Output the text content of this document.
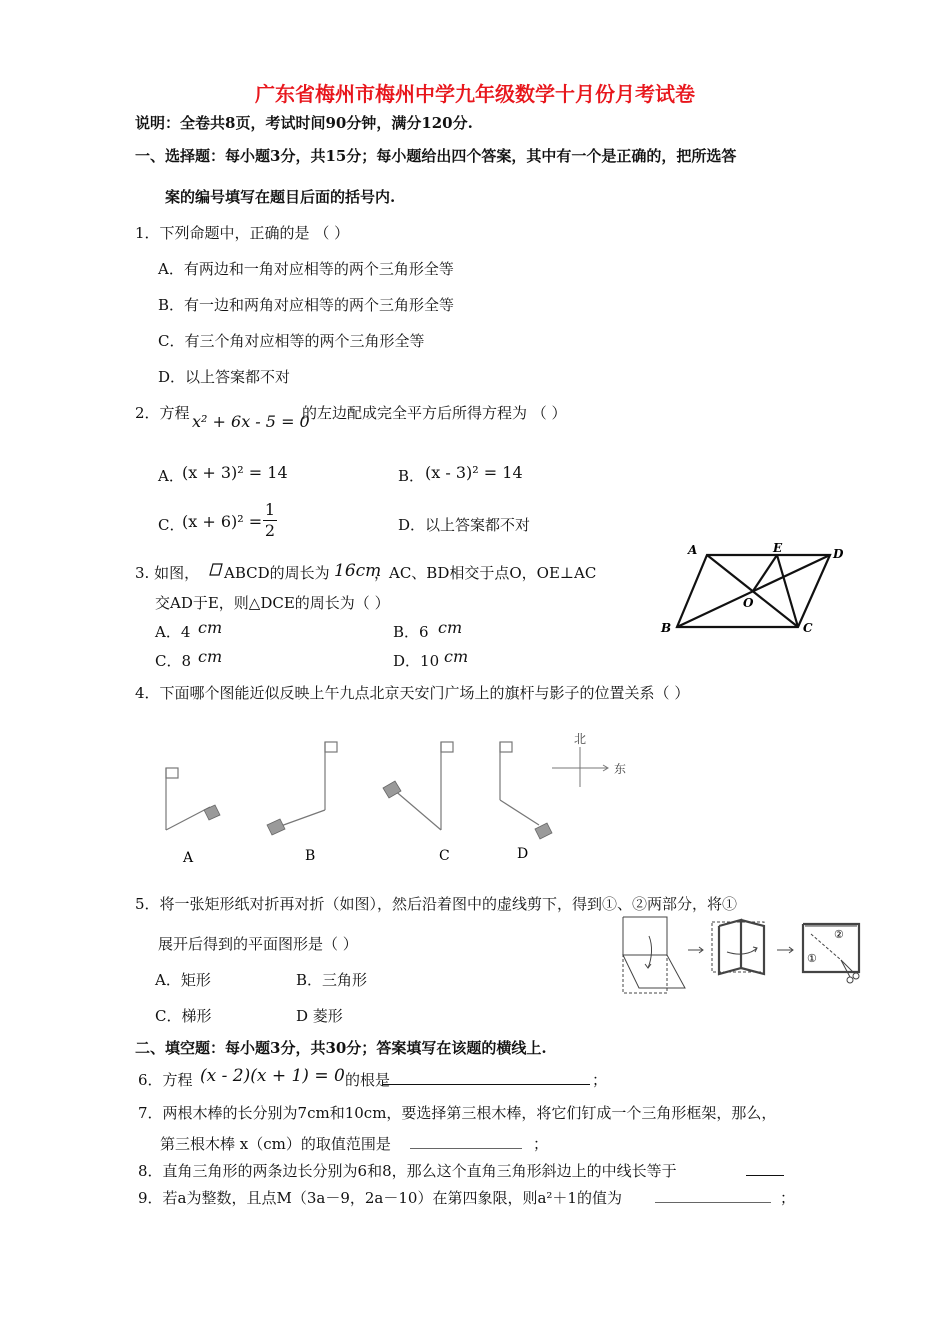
广东省梅州市梅州中学九年级数学十月份月考试卷
说明：全卷共8页，考试时间90分钟，满分120分.
一、选择题：每小题3分，共15分；每小题给出四个答案，其中有一个是正确的，把所选答
案的编号填写在题目后面的括号内.
1．下列命题中，正确的是 （ ）
A．有两边和一角对应相等的两个三角形全等
B．有一边和两角对应相等的两个三角形全等
C．有三个角对应相等的两个三角形全等
D．以上答案都不对
2．方程 x² + 6x - 5 = 0
的左边配成完全平方后所得方程为 （ ）
A．
(x + 3)² = 14	B． (x - 3)² = 14
C．
$(x + 6)^2 = \frac{1}{2}$	D．以上答案都不对
3. 如图， ABCD的周长为 16cm
，AC、BD相交于点O，OE⊥AC
交AD于E，则△DCE的周长为（ ）
A．4 cm	B．6 cm
C．8 cm	D．10 cm
A	E	D
O
B	C
4．下面哪个图能近似反映上午九点北京天安门广场上的旗杆与影子的位置关系（ ）
A	B	C	D
北
东
5．将一张矩形纸对折再对折（如图），然后沿着图中的虚线剪下，得到①、②两部分，将①
展开后得到的平面图形是（ ）
A．矩形	B．三角形
C．梯形	D 菱形
②
①
二、填空题：每小题3分，共30分；答案填写在该题的横线上.
6．方程 (x - 2)(x + 1) = 0 的根是	；
7．两根木棒的长分别为7cm和10cm，要选择第三根木棒，将它们钉成一个三角形框架，那么，
第三根木棒 x（cm）的取值范围是	；
8．直角三角形的两条边长分别为6和8，那么这个直角三角形斜边上的中线长等于
9．若a为整数，且点M（3a－9，2a－10）在第四象限，则a²＋1的值为	；
